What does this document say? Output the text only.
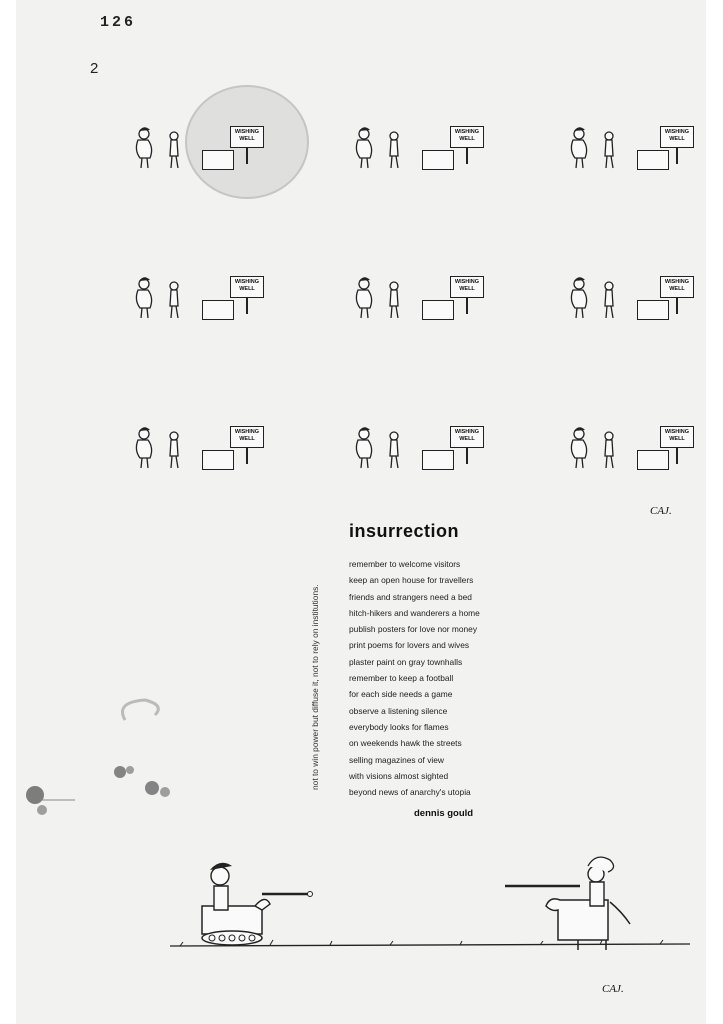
126
2
WISHING
WELL
WISHING
WELL
WISHING
WELL
WISHING
WELL
WISHING
WELL
WISHING
WELL
WISHING
WELL
WISHING
WELL
WISHING
WELL
CAJ.
not to win power but diffuse it, not to rely on institutions.
insurrection
remember to welcome visitors
keep an open house for travellers
friends and strangers need a bed
hitch-hikers and wanderers a home
publish posters for love nor money
print poems for lovers and wives
plaster paint on gray townhalls
remember to keep a football
for each side needs a game
observe a listening silence
everybody looks for flames
on weekends hawk the streets
selling magazines of view
with visions almost sighted
beyond news of anarchy's utopia
dennis gould
CAJ.
